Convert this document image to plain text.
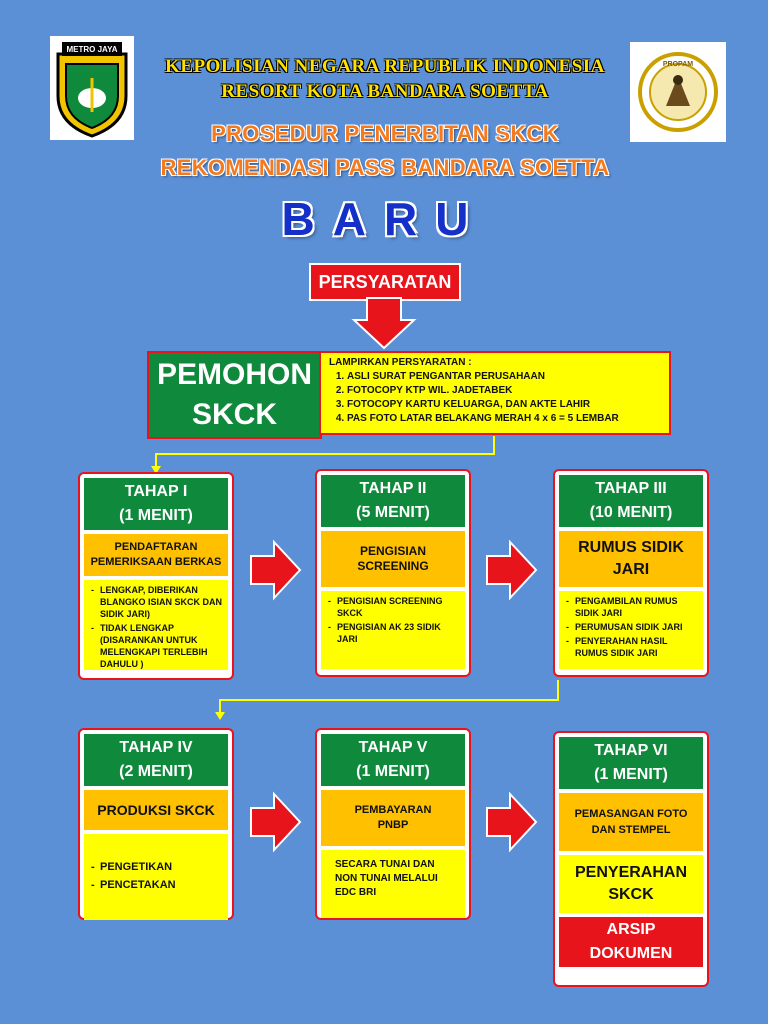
METRO JAYA
PROPAM
KEPOLISIAN NEGARA REPUBLIK INDONESIA
RESORT KOTA BANDARA SOETTA
PROSEDUR PENERBITAN SKCK
REKOMENDASI PASS BANDARA SOETTA
BARU
PERSYARATAN
PEMOHON
SKCK
LAMPIRKAN PERSYARATAN :
1. ASLI SURAT PENGANTAR PERUSAHAAN
2. FOTOCOPY KTP WIL. JADETABEK
3. FOTOCOPY KARTU KELUARGA, DAN AKTE LAHIR
4. PAS FOTO LATAR BELAKANG MERAH 4 x 6 = 5 LEMBAR
TAHAP I
(1 MENIT)
PENDAFTARAN PEMERIKSAAN BERKAS
- LENGKAP, DIBERIKAN BLANGKO ISIAN SKCK DAN SIDIK JARI)
- TIDAK LENGKAP (DISARANKAN UNTUK MELENGKAPI TERLEBIH DAHULU )
TAHAP II
(5 MENIT)
PENGISIAN SCREENING
- PENGISIAN SCREENING SKCK
- PENGISIAN AK 23 SIDIK JARI
TAHAP III
(10 MENIT)
RUMUS SIDIK JARI
- PENGAMBILAN RUMUS SIDIK JARI
- PERUMUSAN SIDIK JARI
- PENYERAHAN HASIL RUMUS SIDIK JARI
TAHAP IV
(2 MENIT)
PRODUKSI SKCK
- PENGETIKAN
- PENCETAKAN
TAHAP V
(1 MENIT)
PEMBAYARAN PNBP
SECARA TUNAI DAN NON TUNAI MELALUI EDC BRI
TAHAP VI
(1 MENIT)
PEMASANGAN FOTO DAN STEMPEL
PENYERAHAN SKCK
ARSIP
DOKUMEN
